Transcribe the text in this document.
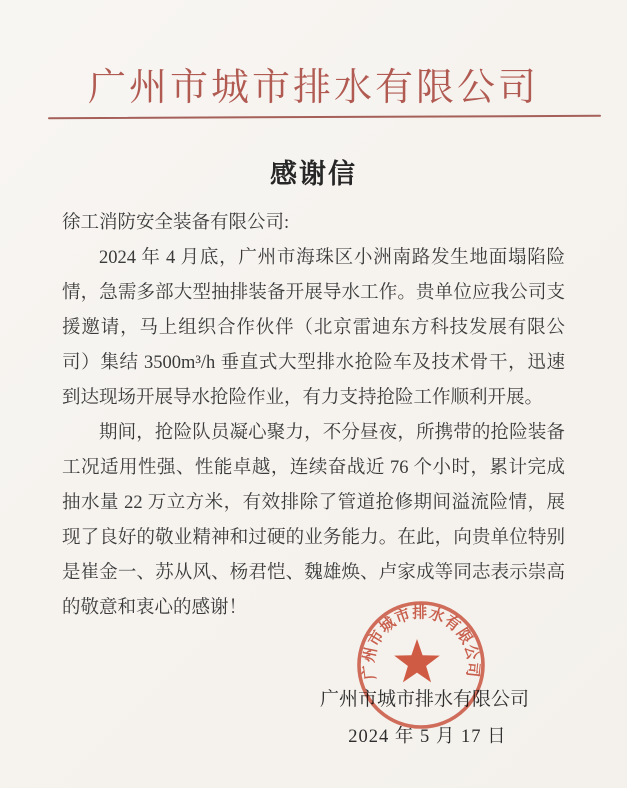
广州市城市排水有限公司
感谢信

徐工消防安全装备有限公司:

2024 年 4 月底，广州市海珠区小洲南路发生地面塌陷险情，急需多部大型抽排装备开展导水工作。贵单位应我公司支援邀请，马上组织合作伙伴（北京雷迪东方科技发展有限公司）集结 3500m³/h 垂直式大型排水抢险车及技术骨干，迅速到达现场开展导水抢险作业，有力支持抢险工作顺利开展。

期间，抢险队员凝心聚力，不分昼夜，所携带的抢险装备工况适用性强、性能卓越，连续奋战近 76 个小时，累计完成抽水量 22 万立方米，有效排除了管道抢修期间溢流险情，展现了良好的敬业精神和过硬的业务能力。在此，向贵单位特别是崔金一、苏从风、杨君恺、魏雄焕、卢家成等同志表示崇高的敬意和衷心的感谢！

广州市城市排水有限公司
2024 年 5 月 17 日
广州市城市排水有限公司
